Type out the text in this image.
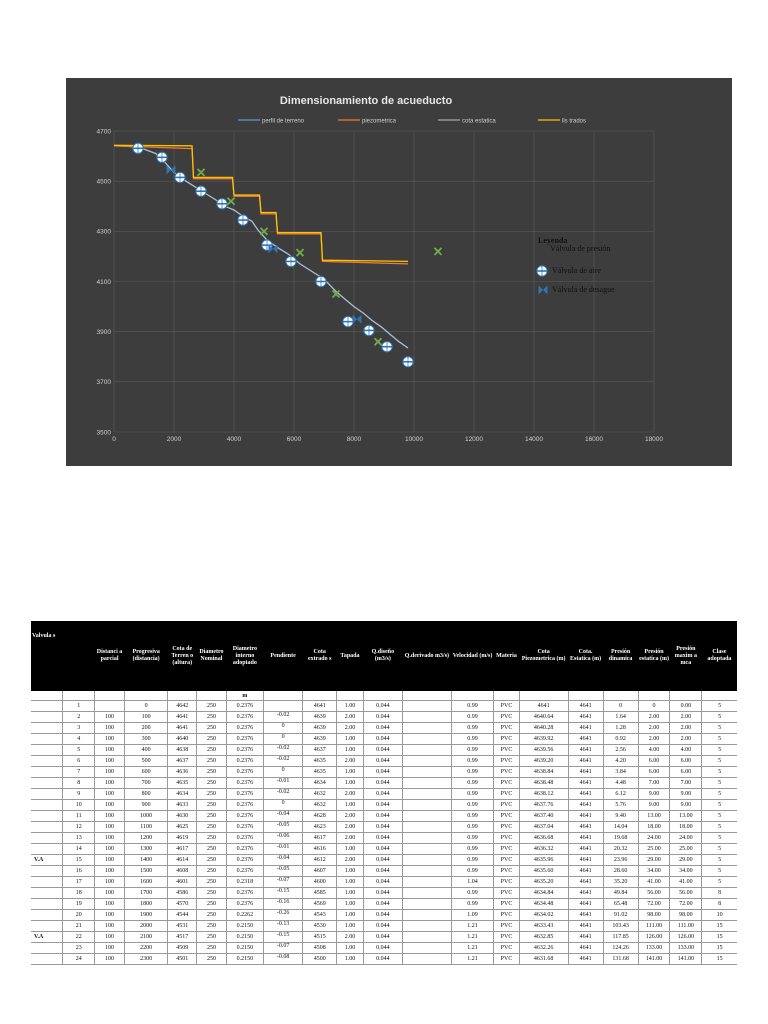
Dimensionamiento de acueducto
perfil de terreno	piezometrica	cota estatica	lls trados
3500
3700
3900
4100
4300
4500
4700
0	2000	4000	6000	8000	10000	12000	14000	16000	18000
Leyenda
Válvula de presión
Válvula de aire
Válvula de desague
Valvula s		Distanci a parcial	Progresiva (distancia)	Cota de Terren o (altura)	Diametro Nominal	Diametro interno adoptado	Pendiente	Cota extrado s	Tapada	Q.diseño (m3/s)	Q.derivado m3/s)	Velocidad (m/s)	Materia	Cota Piezometrica (m)	Cota. Estatica (m)	Presión dinamica	Presión estatica (m)	Presión maxim a mca	Clase adoptada
						m													
	1		0	4642	250	0.2376		4641	1.00	0.044		0.99	PVC	4641	4641	0	0	0.00	5
	2	100	100	4641	250	0.2376	-0.02	4639	2.00	0.044		0.99	PVC	4640.64	4641	1.64	2.00	2.00	5
	3	100	200	4641	250	0.2376	0	4639	2.00	0.044		0.99	PVC	4640.28	4641	1.28	2.00	2.00	5
	4	100	300	4640	250	0.2376	0	4639	1.00	0.044		0.99	PVC	4639.92	4641	0.92	2.00	2.00	5
	5	100	400	4638	250	0.2376	-0.02	4637	1.00	0.044		0.99	PVC	4639.56	4641	2.56	4.00	4.00	5
	6	100	500	4637	250	0.2376	-0.02	4635	2.00	0.044		0.99	PVC	4639.20	4641	4.20	6.00	6.00	5
	7	100	600	4636	250	0.2376	0	4635	1.00	0.044		0.99	PVC	4638.84	4641	3.84	6.00	6.00	5
	8	100	700	4635	250	0.2376	-0.01	4634	1.00	0.044		0.99	PVC	4638.48	4641	4.48	7.00	7.00	5
	9	100	800	4634	250	0.2376	-0.02	4632	2.00	0.044		0.99	PVC	4638.12	4641	6.12	9.00	9.00	5
	10	100	900	4633	250	0.2376	0	4632	1.00	0.044		0.99	PVC	4637.76	4641	5.76	9.00	9.00	5
	11	100	1000	4630	250	0.2376	-0.04	4628	2.00	0.044		0.99	PVC	4637.40	4641	9.40	13.00	13.00	5
	12	100	1100	4625	250	0.2376	-0.05	4623	2.00	0.044		0.99	PVC	4637.04	4641	14.04	18.00	18.00	5
	13	100	1200	4619	250	0.2376	-0.06	4617	2.00	0.044		0.99	PVC	4636.68	4641	19.68	24.00	24.00	5
	14	100	1300	4617	250	0.2376	-0.01	4616	1.00	0.044		0.99	PVC	4636.32	4641	20.32	25.00	25.00	5
V.A	15	100	1400	4614	250	0.2376	-0.04	4612	2.00	0.044		0.99	PVC	4635.96	4641	23.96	29.00	29.00	5
	16	100	1500	4608	250	0.2376	-0.05	4607	1.00	0.044		0.99	PVC	4635.60	4641	28.60	34.00	34.00	5
	17	100	1600	4601	250	0.2318	-0.07	4600	1.00	0.044		1.04	PVC	4635.20	4641	35.20	41.00	41.00	5
	18	100	1700	4586	250	0.2376	-0.15	4585	1.00	0.044		0.99	PVC	4634.84	4641	49.84	56.00	56.00	8
	19	100	1800	4570	250	0.2376	-0.16	4569	1.00	0.044		0.99	PVC	4634.48	4641	65.48	72.00	72.00	8
	20	100	1900	4544	250	0.2262	-0.26	4543	1.00	0.044		1.09	PVC	4634.02	4641	91.02	98.00	98.00	10
	21	100	2000	4531	250	0.2150	-0.13	4530	1.00	0.044		1.21	PVC	4633.43	4641	103.43	111.00	111.00	15
V.A	22	100	2100	4517	250	0.2150	-0.15	4515	2.00	0.044		1.21	PVC	4632.85	4641	117.85	126.00	126.00	15
	23	100	2200	4509	250	0.2150	-0.07	4508	1.00	0.044		1.21	PVC	4632.26	4641	124.26	133.00	133.00	15
	24	100	2300	4501	250	0.2150	-0.08	4500	1.00	0.044		1.21	PVC	4631.68	4641	131.68	141.00	141.00	15
